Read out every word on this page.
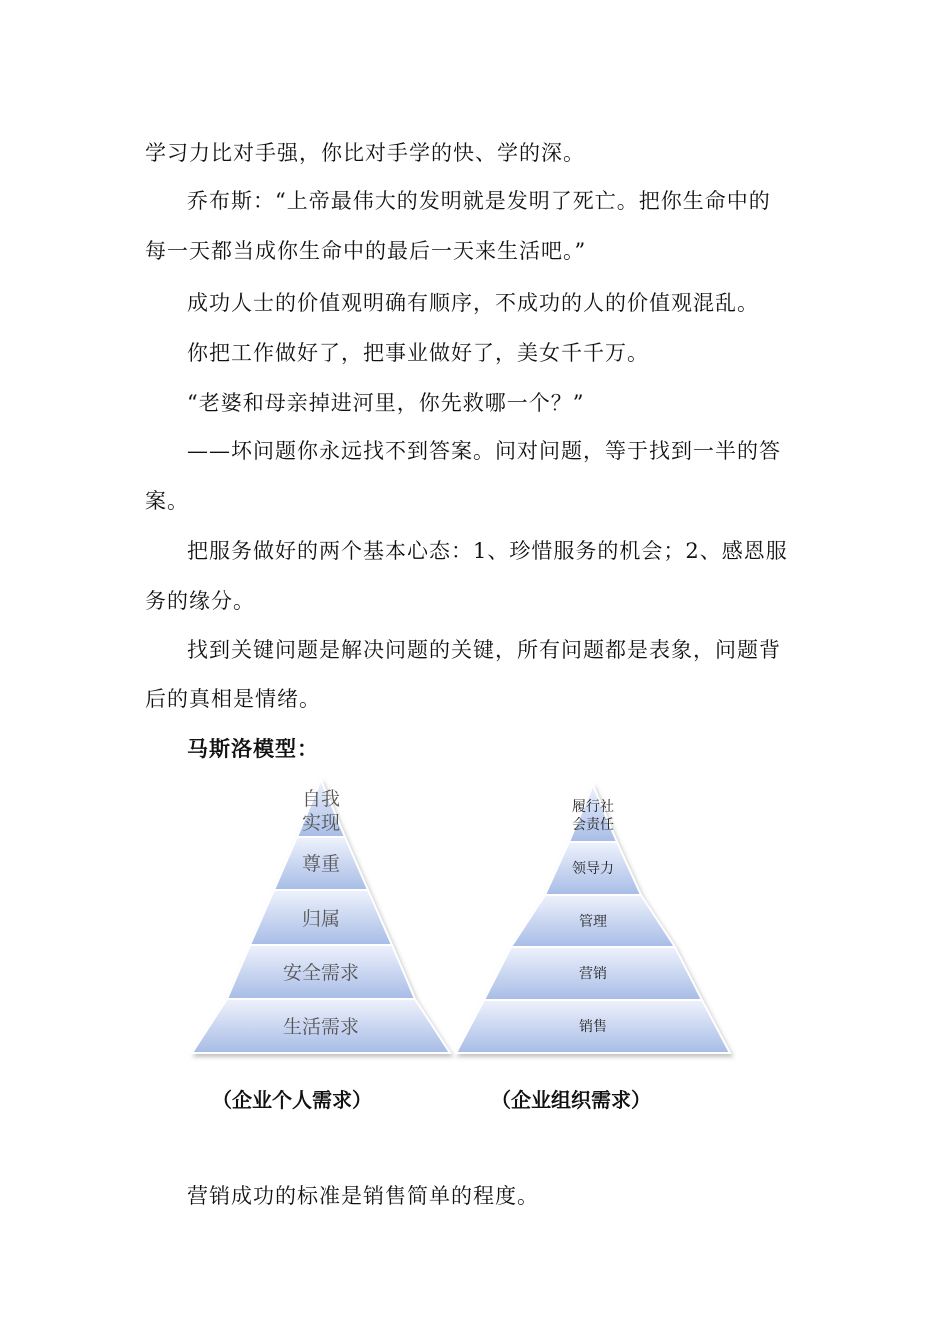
学习力比对手强，你比对手学的快、学的深。
乔布斯：“上帝最伟大的发明就是发明了死亡。把你生命中的
每一天都当成你生命中的最后一天来生活吧。”
成功人士的价值观明确有顺序，不成功的人的价值观混乱。
你把工作做好了，把事业做好了，美女千千万。
“老婆和母亲掉进河里，你先救哪一个？”
——坏问题你永远找不到答案。问对问题，等于找到一半的答
案。
把服务做好的两个基本心态：1、珍惜服务的机会；2、感恩服
务的缘分。
找到关键问题是解决问题的关键，所有问题都是表象，问题背
后的真相是情绪。
马斯洛模型：
自我
实现
尊重
归属
安全需求
生活需求
履行社
会责任
领导力
管理
营销
销售
（企业个人需求）	（企业组织需求）
营销成功的标准是销售简单的程度。
